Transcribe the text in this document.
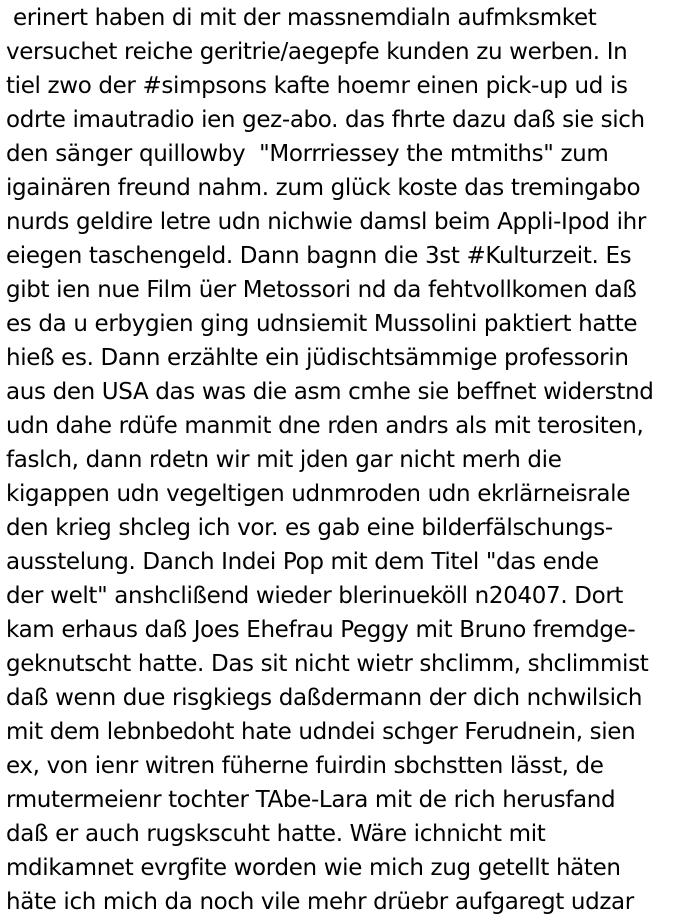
erinert haben di mit der massnemdialn aufmksmket
versuchet reiche geritrie/aegepfe kunden zu werben. In
tiel zwo der #simpsons kafte hoemr einen pick-up ud is
odrte imautradio ien gez-abo. das fhrte dazu daß sie sich
den sänger quillowby  "Morrriessey the mtmiths" zum
igainären freund nahm. zum glück koste das tremingabo
nurds geldire letre udn nichwie damsl beim Appli-Ipod ihr
eiegen taschengeld. Dann bagnn die 3st #Kulturzeit. Es
gibt ien nue Film üer Metossori nd da fehtvollkomen daß
es da u erbygien ging udnsiemit Mussolini paktiert hatte
hieß es. Dann erzählte ein jüdischtsämmige professorin
aus den USA das was die asm cmhe sie beffnet widerstnd
udn dahe rdüfe manmit dne rden andrs als mit terositen,
faslch, dann rdetn wir mit jden gar nicht merh die
kigappen udn vegeltigen udnmroden udn ekrlärneisrale
den krieg shcleg ich vor. es gab eine bilderfälschungs-
ausstelung. Danch Indei Pop mit dem Titel "das ende
der welt" anshclißend wieder blerinueköll n20407. Dort
kam erhaus daß Joes Ehefrau Peggy mit Bruno fremdge-
geknutscht hatte. Das sit nicht wietr shclimm, shclimmist
daß wenn due risgkiegs daßdermann der dich nchwilsich
mit dem lebnbedoht hate udndei schger Ferudnein, sien
ex, von ienr witren füherne fuirdin sbchstten lässt, de
rmutermeienr tochter TAbe-Lara mit de rich herusfand
daß er auch rugskscuht hatte. Wäre ichnicht mit
mdikamnet evrgfite worden wie mich zug getellt häten
häte ich mich da noch vile mehr drüebr aufgaregt udzar
